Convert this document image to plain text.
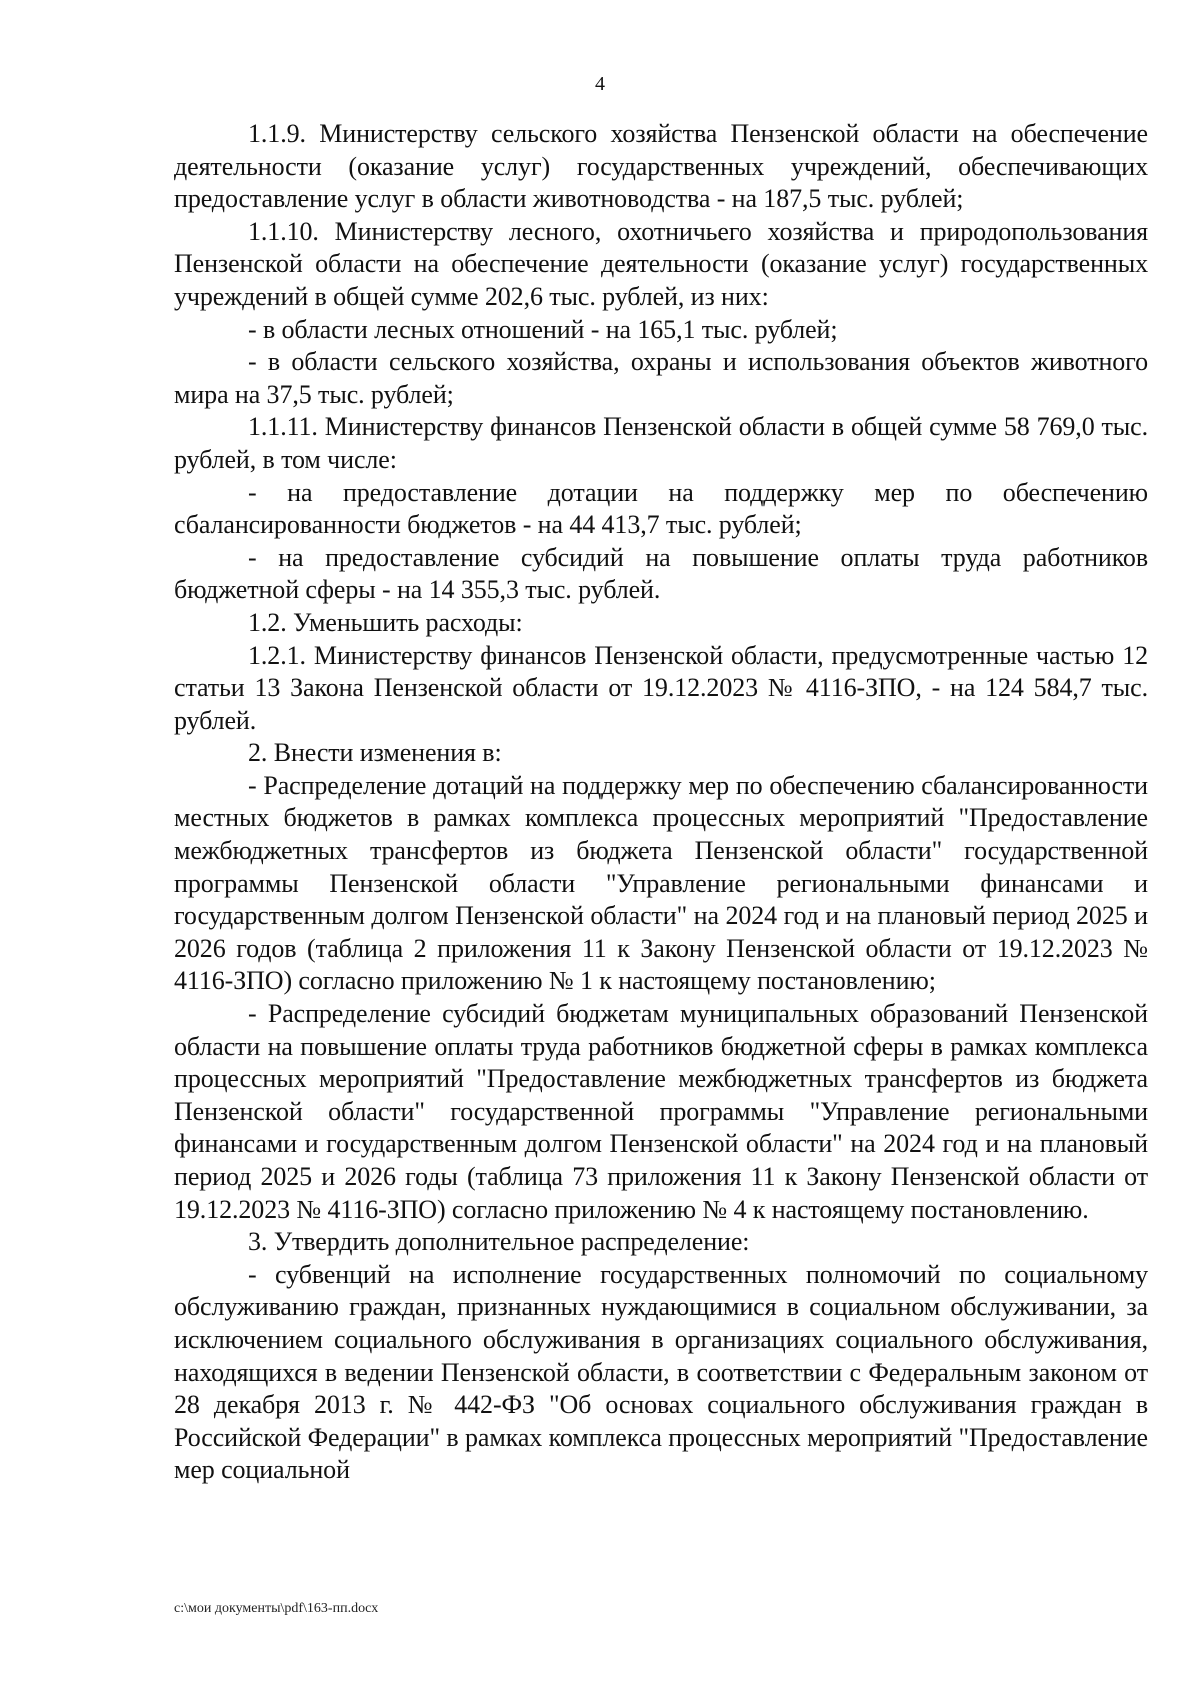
4

1.1.9. Министерству сельского хозяйства Пензенской области на обеспечение деятельности (оказание услуг) государственных учреждений, обеспечивающих предоставление услуг в области животноводства - на 187,5 тыс. рублей;

1.1.10. Министерству лесного, охотничьего хозяйства и природопользования Пензенской области на обеспечение деятельности (оказание услуг) государственных учреждений в общей сумме 202,6 тыс. рублей, из них:

- в области лесных отношений - на 165,1 тыс. рублей;

- в области сельского хозяйства, охраны и использования объектов животного мира на 37,5 тыс. рублей;

1.1.11. Министерству финансов Пензенской области в общей сумме 58 769,0 тыс. рублей, в том числе:

- на предоставление дотации на поддержку мер по обеспечению сбалансированности бюджетов - на 44 413,7 тыс. рублей;

- на предоставление субсидий на повышение оплаты труда работников бюджетной сферы - на 14 355,3 тыс. рублей.

1.2. Уменьшить расходы:

1.2.1. Министерству финансов Пензенской области, предусмотренные частью 12 статьи 13 Закона Пензенской области от 19.12.2023 № 4116-ЗПО, - на 124 584,7 тыс. рублей.

2. Внести изменения в:

- Распределение дотаций на поддержку мер по обеспечению сбалансированности местных бюджетов в рамках комплекса процессных мероприятий "Предоставление межбюджетных трансфертов из бюджета Пензенской области" государственной программы Пензенской области "Управление региональными финансами и государственным долгом Пензенской области" на 2024 год и на плановый период 2025 и 2026 годов (таблица 2 приложения 11 к Закону Пензенской области от 19.12.2023 № 4116-ЗПО) согласно приложению № 1 к настоящему постановлению;

- Распределение субсидий бюджетам муниципальных образований Пензенской области на повышение оплаты труда работников бюджетной сферы в рамках комплекса процессных мероприятий "Предоставление межбюджетных трансфертов из бюджета Пензенской области" государственной программы "Управление региональными финансами и государственным долгом Пензенской области" на 2024 год и на плановый период 2025 и 2026 годы (таблица 73 приложения 11 к Закону Пензенской области от 19.12.2023 № 4116-ЗПО) согласно приложению № 4 к настоящему постановлению.

3. Утвердить дополнительное распределение:

- субвенций на исполнение государственных полномочий по социальному обслуживанию граждан, признанных нуждающимися в социальном обслуживании, за исключением социального обслуживания в организациях социального обслуживания, находящихся в ведении Пензенской области, в соответствии с Федеральным законом от 28 декабря 2013 г. № 442-ФЗ "Об основах социального обслуживания граждан в Российской Федерации" в рамках комплекса процессных мероприятий "Предоставление мер социальной

c:\мои документы\pdf\163-пп.docx
